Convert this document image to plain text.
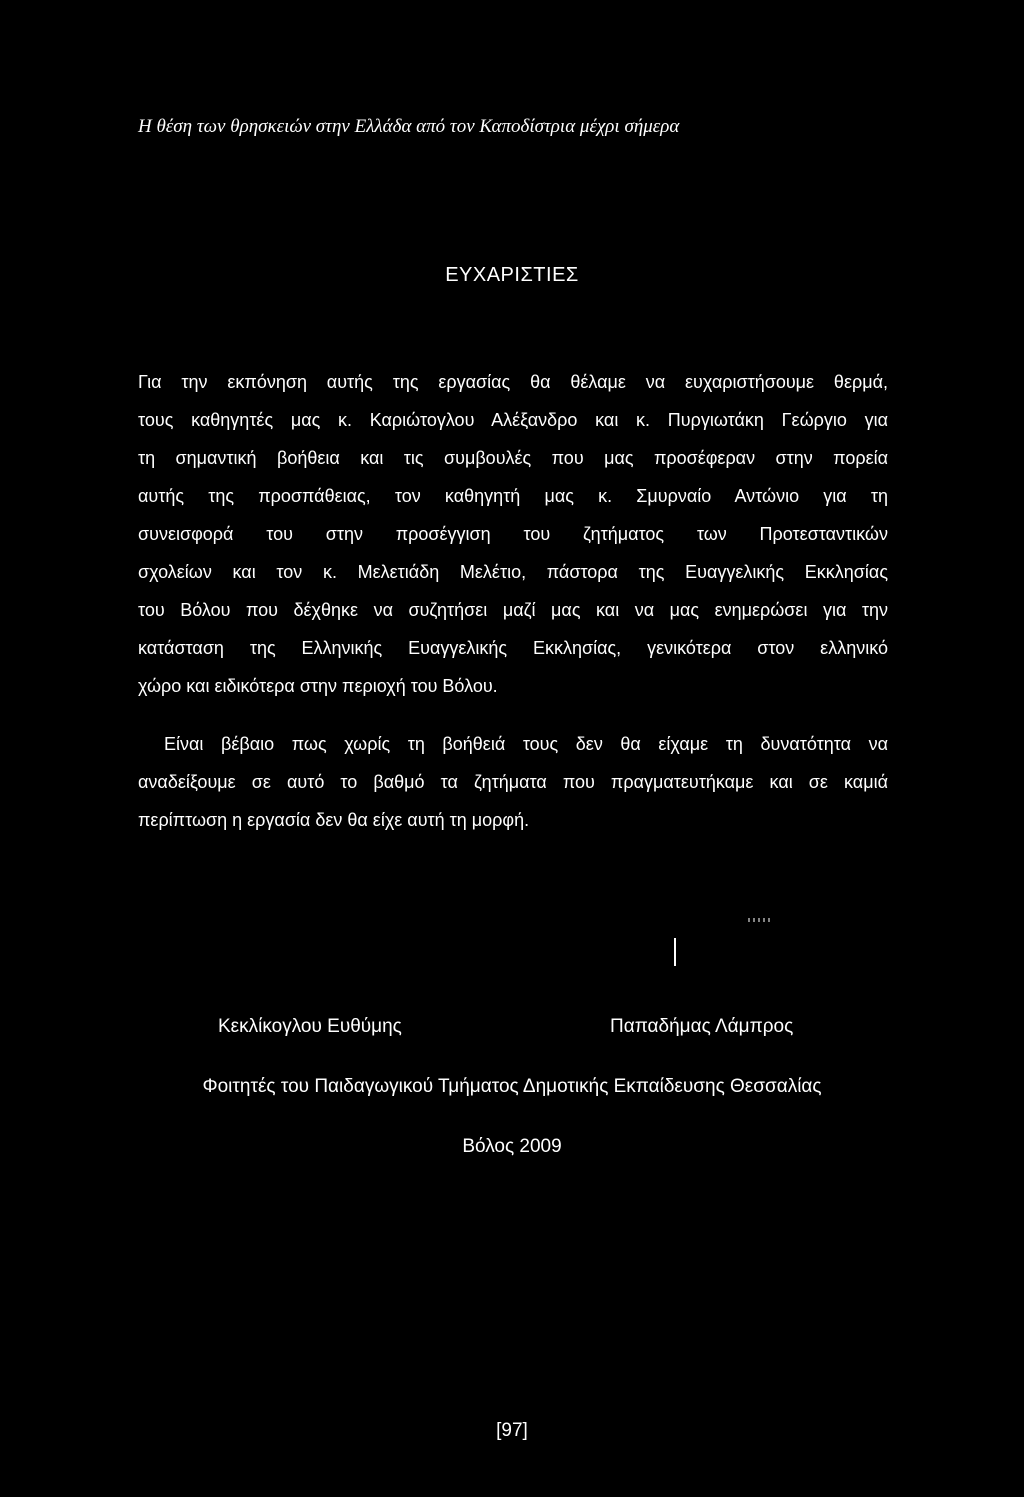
Η θέση των θρησκειών στην Ελλάδα από τον Καποδίστρια μέχρι σήμερα
ΕΥΧΑΡΙΣΤΙΕΣ
Για την εκπόνηση αυτής της εργασίας θα θέλαμε να ευχαριστήσουμε θερμά,
τους καθηγητές μας κ. Καριώτογλου Αλέξανδρο και κ. Πυργιωτάκη Γεώργιο για
τη σημαντική βοήθεια και τις συμβουλές που μας προσέφεραν στην πορεία
αυτής της προσπάθειας, τον καθηγητή μας κ. Σμυρναίο Αντώνιο για τη
συνεισφορά του στην προσέγγιση του ζητήματος των Προτεσταντικών
σχολείων και τον κ. Μελετιάδη Μελέτιο, πάστορα της Ευαγγελικής Εκκλησίας
του Βόλου που δέχθηκε να συζητήσει μαζί μας και να μας ενημερώσει για την
κατάσταση της Ελληνικής Ευαγγελικής Εκκλησίας, γενικότερα στον ελληνικό
χώρο και ειδικότερα στην περιοχή του Βόλου.
Είναι βέβαιο πως χωρίς τη βοήθειά τους δεν θα είχαμε τη δυνατότητα να
αναδείξουμε σε αυτό το βαθμό τα ζητήματα που πραγματευτήκαμε και σε καμιά
περίπτωση η εργασία δεν θα είχε αυτή τη μορφή.
Κεκλίκογλου Ευθύμης	Παπαδήμας Λάμπρος
Φοιτητές του Παιδαγωγικού Τμήματος Δημοτικής Εκπαίδευσης Θεσσαλίας
Βόλος 2009
[97]
